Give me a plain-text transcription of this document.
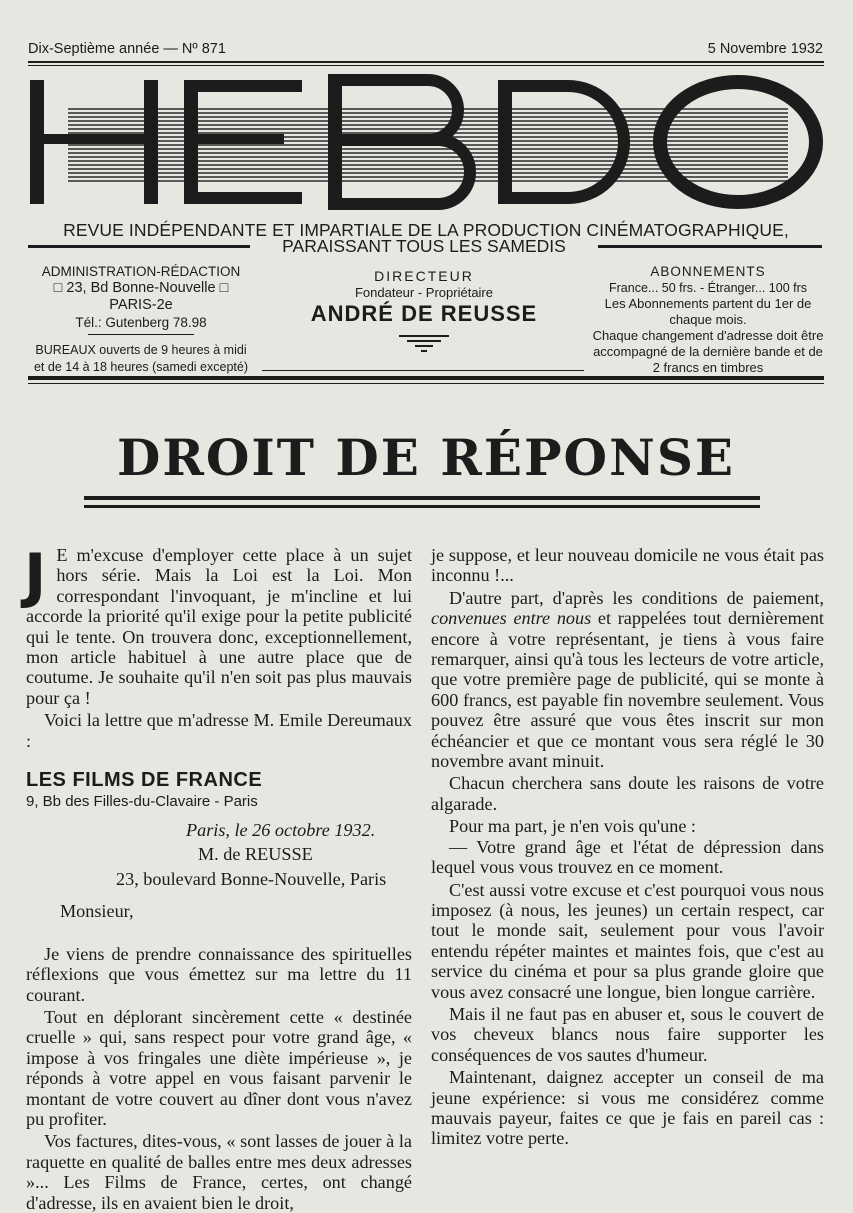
Dix-Septième année — Nº 871	5 Novembre 1932
REVUE INDÉPENDANTE ET IMPARTIALE DE LA PRODUCTION CINÉMATOGRAPHIQUE,
PARAISSANT TOUS LES SAMEDIS
ADMINISTRATION-RÉDACTION
□ 23, Bd Bonne-Nouvelle □
PARIS-2e
Tél.: Gutenberg 78.98
BUREAUX ouverts de 9 heures à midi
et de 14 à 18 heures (samedi excepté)
DIRECTEUR
Fondateur - Propriétaire
ANDRÉ DE REUSSE
ABONNEMENTS
France... 50 frs. - Étranger... 100 frs
Les Abonnements partent du 1er de chaque mois.
Chaque changement d'adresse doit être accompagné de la dernière bande et de 2 francs en timbres
DROIT DE RÉPONSE
J E m'excuse d'employer cette place à un sujet hors série. Mais la Loi est la Loi. Mon correspondant l'invoquant, je m'incline et lui accorde la priorité qu'il exige pour la petite publicité qui le tente. On trouvera donc, exceptionnellement, mon article habituel à une autre place que de coutume. Je souhaite qu'il n'en soit pas plus mauvais pour ça !

Voici la lettre que m'adresse M. Emile Dereumaux :

LES FILMS DE FRANCE
9, Bb des Filles-du-Clavaire - Paris
Paris, le 26 octobre 1932.
M. de REUSSE
23, boulevard Bonne-Nouvelle, Paris
Monsieur,

Je viens de prendre connaissance des spirituelles réflexions que vous émettez sur ma lettre du 11 courant.

Tout en déplorant sincèrement cette « destinée cruelle » qui, sans respect pour votre grand âge, « impose à vos fringales une diète impérieuse », je réponds à votre appel en vous faisant parvenir le montant de votre couvert au dîner dont vous n'avez pu profiter.

Vos factures, dites-vous, « sont lasses de jouer à la raquette en qualité de balles entre mes deux adresses »... Les Films de France, certes, ont changé d'adresse, ils en avaient bien le droit,

je suppose, et leur nouveau domicile ne vous était pas inconnu !...

D'autre part, d'après les conditions de paiement, convenues entre nous et rappelées tout dernièrement encore à votre représentant, je tiens à vous faire remarquer, ainsi qu'à tous les lecteurs de votre article, que votre première page de publicité, qui se monte à 600 francs, est payable fin novembre seulement. Vous pouvez être assuré que vous êtes inscrit sur mon échéancier et que ce montant vous sera réglé le 30 novembre avant minuit.

Chacun cherchera sans doute les raisons de votre algarade.

Pour ma part, je n'en vois qu'une :

— Votre grand âge et l'état de dépression dans lequel vous vous trouvez en ce moment.

C'est aussi votre excuse et c'est pourquoi vous nous imposez (à nous, les jeunes) un certain respect, car tout le monde sait, seulement pour vous l'avoir entendu répéter maintes et maintes fois, que c'est au service du cinéma et pour sa plus grande gloire que vous avez consacré une longue, bien longue carrière.

Mais il ne faut pas en abuser et, sous le couvert de vos cheveux blancs nous faire supporter les conséquences de vos sautes d'humeur.

Maintenant, daignez accepter un conseil de ma jeune expérience: si vous me considérez comme mauvais payeur, faites ce que je fais en pareil cas : limitez votre perte.
